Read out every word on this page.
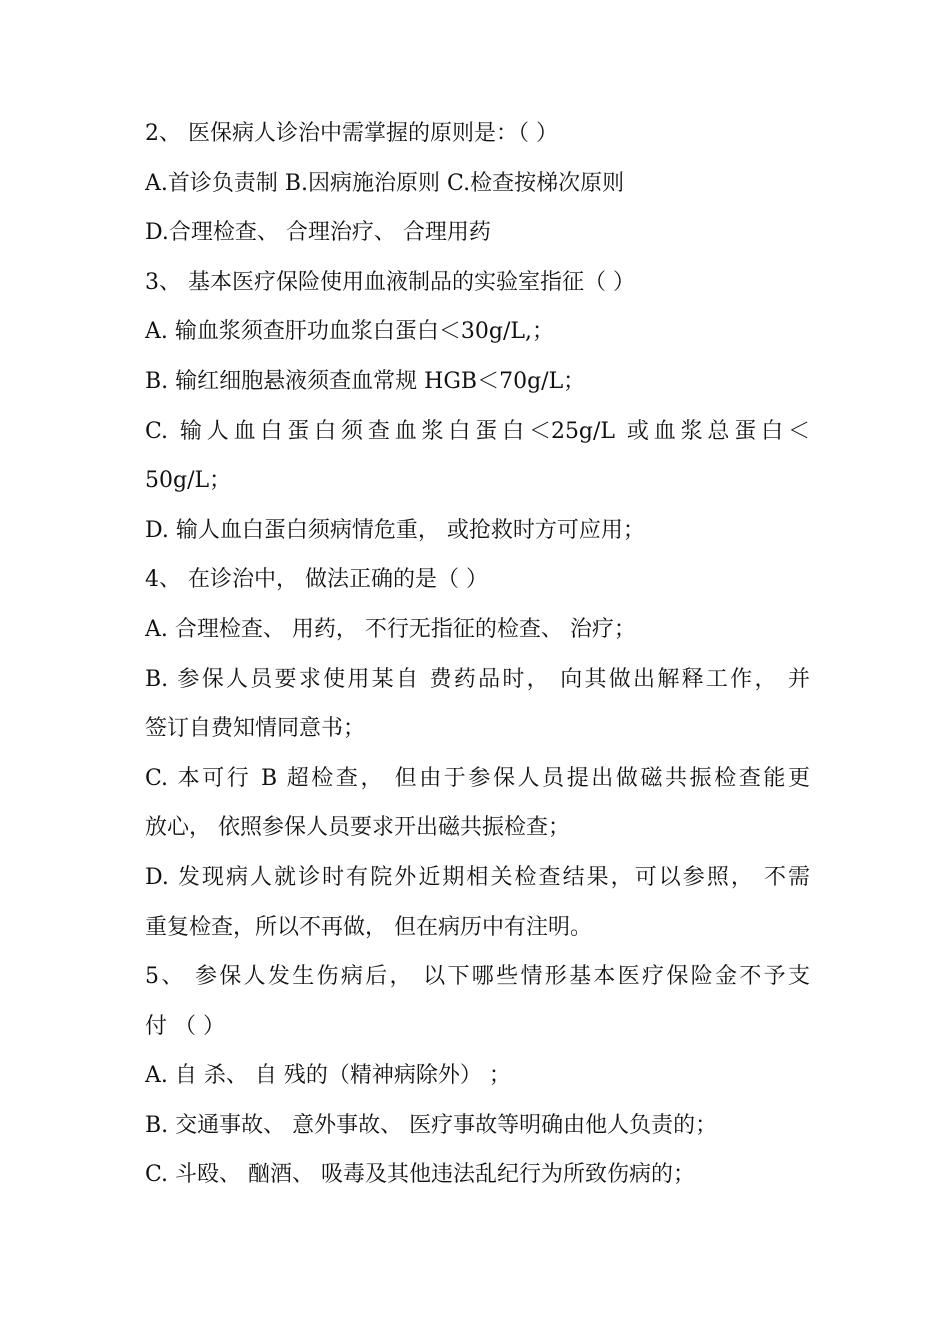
2、 医保病人诊治中需掌握的原则是：（ ）
A.首诊负责制 B.因病施治原则 C.检查按梯次原则
D.合理检查、 合理治疗、 合理用药
3、 基本医疗保险使用血液制品的实验室指征（ ）
A. 输血浆须查肝功血浆白蛋白＜30g/L,；
B. 输红细胞悬液须查血常规 HGB＜70g/L；
C. 输人血白蛋白须查血浆白蛋白＜25g/L 或血浆总蛋白＜
50g/L；
D. 输人血白蛋白须病情危重， 或抢救时方可应用；
4、 在诊治中， 做法正确的是（ ）
A. 合理检查、 用药， 不行无指征的检查、 治疗；
B. 参保人员要求使用某自 费药品时， 向其做出解释工作， 并
签订自费知情同意书；
C. 本可行 B 超检查， 但由于参保人员提出做磁共振检查能更
放心， 依照参保人员要求开出磁共振检查；
D. 发现病人就诊时有院外近期相关检查结果，可以参照， 不需
重复检查，所以不再做， 但在病历中有注明。
5、 参保人发生伤病后， 以下哪些情形基本医疗保险金不予支
付 （ ）
A. 自 杀、 自 残的（精神病除外） ；
B. 交通事故、 意外事故、 医疗事故等明确由他人负责的；
C. 斗殴、 酗酒、 吸毒及其他违法乱纪行为所致伤病的；
